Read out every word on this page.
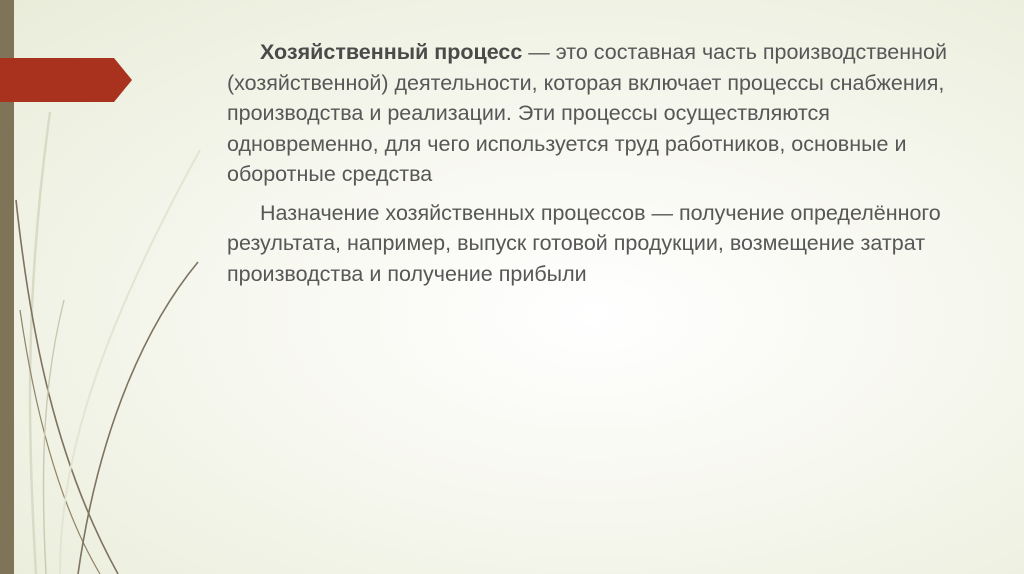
Хозяйственный процесс — это составная часть производственной (хозяйственной) деятельности, которая включает процессы снабжения, производства и реализации. Эти процессы осуществляются одновременно, для чего используется труд работников, основные и оборотные средства

Назначение хозяйственных процессов — получение определённого результата, например, выпуск готовой продукции, возмещение затрат производства и получение прибыли
